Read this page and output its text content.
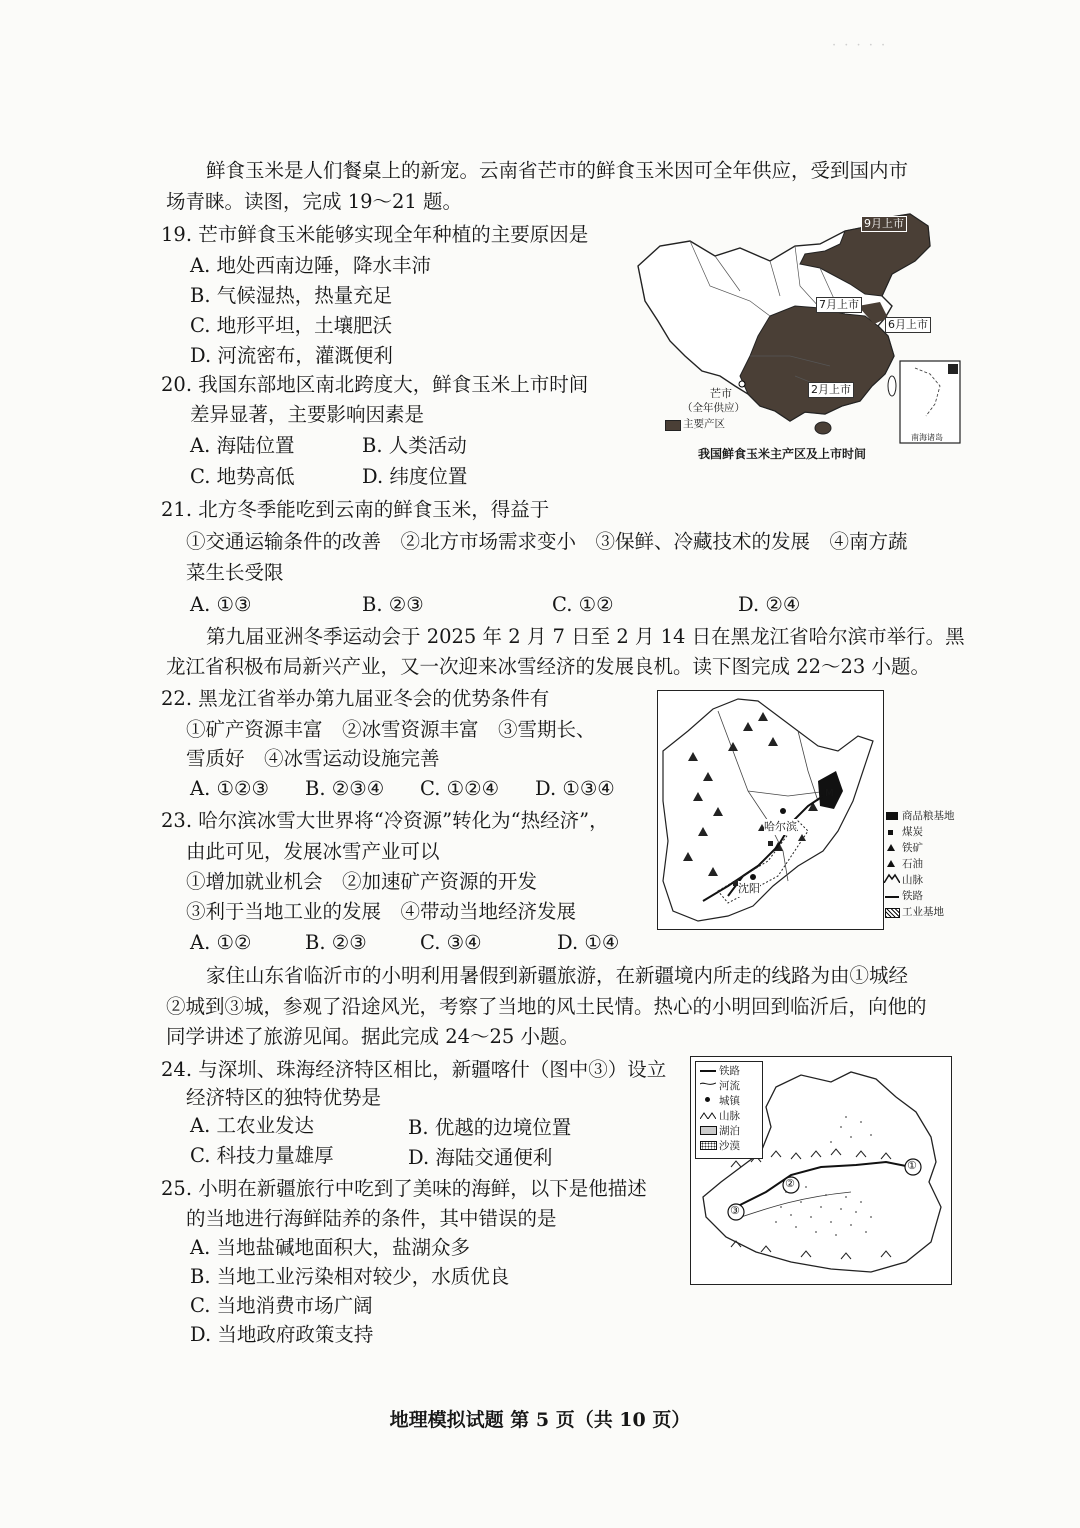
· · · · ·
鲜食玉米是人们餐桌上的新宠。云南省芒市的鲜食玉米因可全年供应，受到国内市
场青睐。读图，完成 19～21 题。
19. 芒市鲜食玉米能够实现全年种植的主要原因是
A. 地处西南边陲，降水丰沛
B. 气候湿热，热量充足
C. 地形平坦，土壤肥沃
D. 河流密布，灌溉便利
20. 我国东部地区南北跨度大，鲜食玉米上市时间
差异显著，主要影响因素是
A. 海陆位置	B. 人类活动
C. 地势高低	D. 纬度位置
21. 北方冬季能吃到云南的鲜食玉米，得益于
①交通运输条件的改善　②北方市场需求变小　③保鲜、冷藏技术的发展　④南方蔬
菜生长受限
A. ①③	B. ②③	C. ①②	D. ②④
9月上市
7月上市
6月上市
2月上市
芒市
（全年供应）
主要产区
南海诸岛
我国鲜食玉米主产区及上市时间
第九届亚洲冬季运动会于 2025 年 2 月 7 日至 2 月 14 日在黑龙江省哈尔滨市举行。黑
龙江省积极布局新兴产业，又一次迎来冰雪经济的发展良机。读下图完成 22～23 小题。
22. 黑龙江省举办第九届亚冬会的优势条件有
①矿产资源丰富　②冰雪资源丰富　③雪期长、
雪质好　④冰雪运动设施完善
A. ①②③ B. ②③④ C. ①②④ D. ①③④
23. 哈尔滨冰雪大世界将“冷资源”转化为“热经济”，
由此可见，发展冰雪产业可以
①增加就业机会　②加速矿产资源的开发
③利于当地工业的发展　④带动当地经济发展
A. ①②	B. ②③	C. ③④	D. ①④
M
哈尔滨
沈阳
商品粮基地
煤炭
铁矿
石油
山脉
铁路
工业基地
家住山东省临沂市的小明利用暑假到新疆旅游，在新疆境内所走的线路为由①城经
②城到③城，参观了沿途风光，考察了当地的风土民情。热心的小明回到临沂后，向他的
同学讲述了旅游见闻。据此完成 24～25 小题。
24. 与深圳、珠海经济特区相比，新疆喀什（图中③）设立
经济特区的独特优势是
A. 工农业发达	B. 优越的边境位置
C. 科技力量雄厚	D. 海陆交通便利
25. 小明在新疆旅行中吃到了美味的海鲜，以下是他描述
的当地进行海鲜陆养的条件，其中错误的是
A. 当地盐碱地面积大，盐湖众多
B. 当地工业污染相对较少，水质优良
C. 当地消费市场广阔
D. 当地政府政策支持
①
②
③
铁路
河流
城镇
山脉
湖泊
沙漠
地理模拟试题 第 5 页（共 10 页）
